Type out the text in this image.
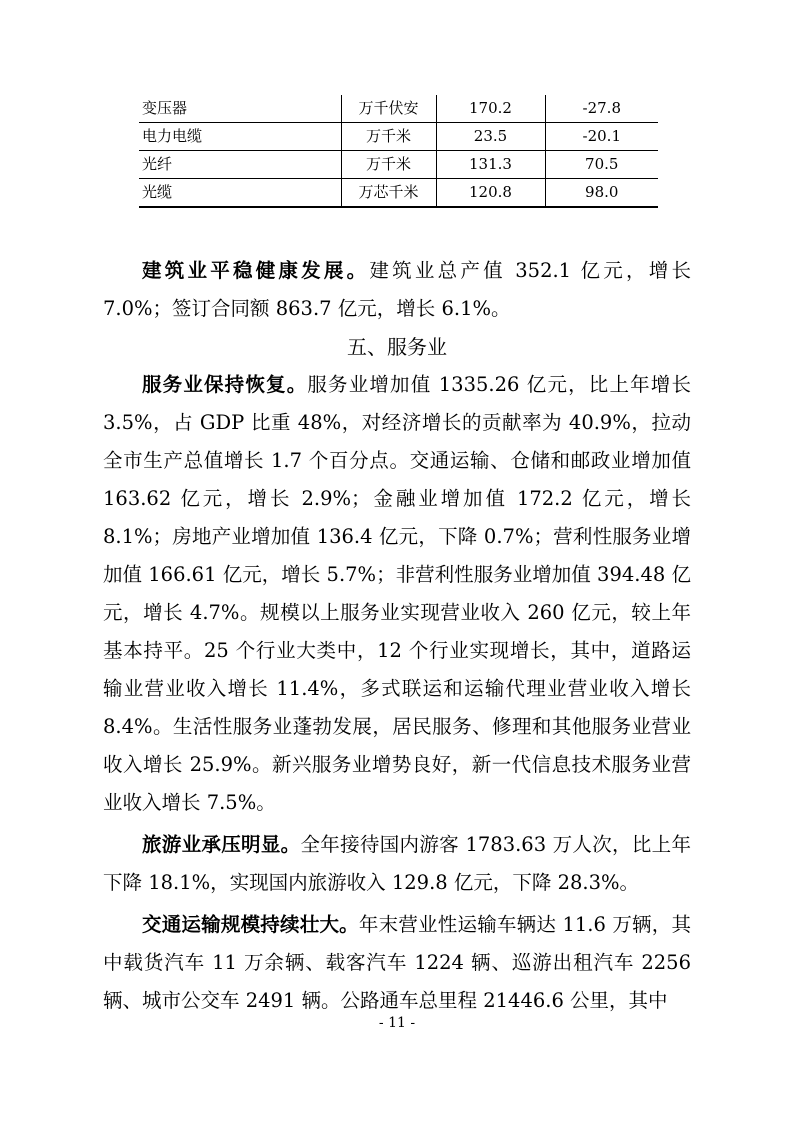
变压器	万千伏安	170.2	-27.8
电力电缆	万千米	23.5	-20.1
光纤	万千米	131.3	70.5
光缆	万芯千米	120.8	98.0

建筑业平稳健康发展。建筑业总产值 352.1 亿元，增长 7.0%；签订合同额 863.7 亿元，增长 6.1%。

五、服务业

服务业保持恢复。服务业增加值 1335.26 亿元，比上年增长 3.5%，占 GDP 比重 48%，对经济增长的贡献率为 40.9%，拉动全市生产总值增长 1.7 个百分点。交通运输、仓储和邮政业增加值 163.62 亿元，增长 2.9%；金融业增加值 172.2 亿元，增长 8.1%；房地产业增加值 136.4 亿元，下降 0.7%；营利性服务业增加值 166.61 亿元，增长 5.7%；非营利性服务业增加值 394.48 亿元，增长 4.7%。规模以上服务业实现营业收入 260 亿元，较上年基本持平。25 个行业大类中，12 个行业实现增长，其中，道路运输业营业收入增长 11.4%，多式联运和运输代理业营业收入增长 8.4%。生活性服务业蓬勃发展，居民服务、修理和其他服务业营业收入增长 25.9%。新兴服务业增势良好，新一代信息技术服务业营业收入增长 7.5%。

旅游业承压明显。全年接待国内游客 1783.63 万人次，比上年下降 18.1%，实现国内旅游收入 129.8 亿元，下降 28.3%。

交通运输规模持续壮大。年末营业性运输车辆达 11.6 万辆，其中载货汽车 11 万余辆、载客汽车 1224 辆、巡游出租汽车 2256 辆、城市公交车 2491 辆。公路通车总里程 21446.6 公里，其中

- 11 -
